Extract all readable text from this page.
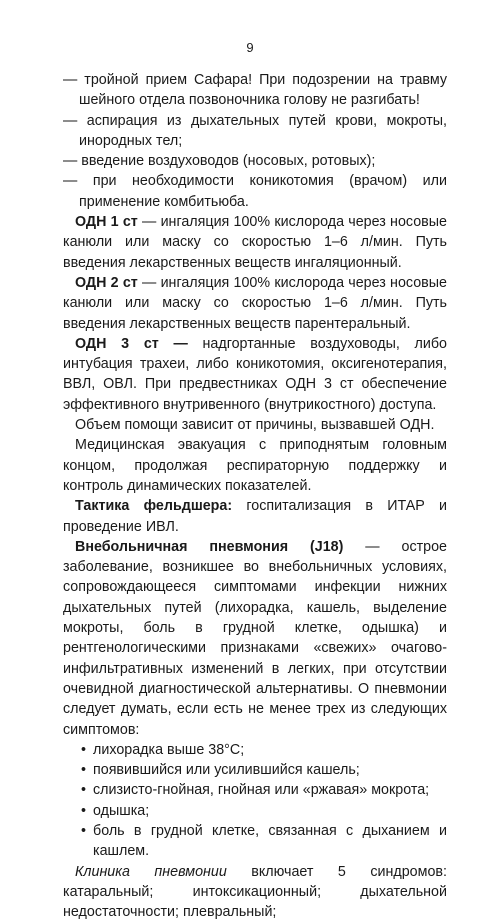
9

— тройной прием Сафара! При подозрении на травму шейного отдела позвоночника голову не разгибать!

— аспирация из дыхательных путей крови, мокроты, инородных тел;

— введение воздуховодов (носовых, ротовых);

— при необходимости коникотомия (врачом) или применение комбитьюба.

ОДН 1 ст — ингаляция 100% кислорода через носовые канюли или маску со скоростью 1–6 л/мин. Путь введения лекарственных веществ ингаляционный.

ОДН 2 ст — ингаляция 100% кислорода через носовые канюли или маску со скоростью 1–6 л/мин. Путь введения лекарственных веществ парентеральный.

ОДН 3 ст — надгортанные воздуховоды, либо интубация трахеи, либо коникотомия, оксигенотерапия, ВВЛ, ОВЛ. При предвестниках ОДН 3 ст обеспечение эффективного внутривенного (внутрикостного) доступа.

Объем помощи зависит от причины, вызвавшей ОДН.

Медицинская эвакуация с приподнятым головным концом, продолжая респираторную поддержку и контроль динамических показателей.

Тактика фельдшера: госпитализация в ИТАР и проведение ИВЛ.

Внебольничная пневмония (J18) — острое заболевание, возникшее во внебольничных условиях, сопровождающееся симптомами инфекции нижних дыхательных путей (лихорадка, кашель, выделение мокроты, боль в грудной клетке, одышка) и рентгенологическими признаками «свежих» очагово-инфильтративных изменений в легких, при отсутствии очевидной диагностической альтернативы. О пневмонии следует думать, если есть не менее трех из следующих симптомов:

• лихорадка выше 38°С;

• появившийся или усилившийся кашель;

• слизисто-гнойная, гнойная или «ржавая» мокрота;

• одышка;

• боль в грудной клетке, связанная с дыханием и кашлем.

Клиника пневмонии включает 5 синдромов: катаральный; интоксикационный; дыхательной недостаточности; плевральный;
